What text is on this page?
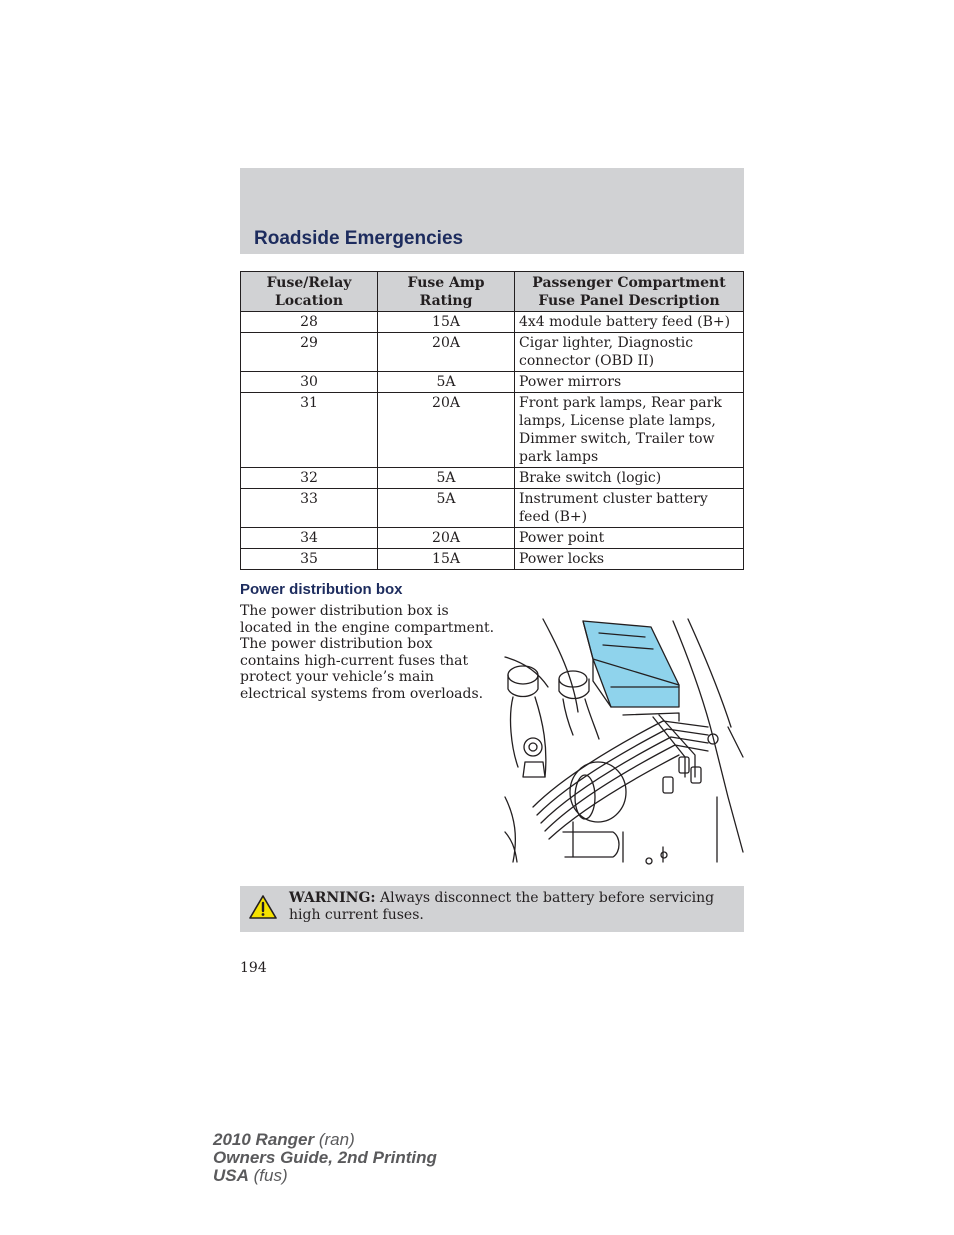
Roadside Emergencies
Fuse/Relay Location	Fuse Amp Rating	Passenger Compartment Fuse Panel Description
28	15A	4x4 module battery feed (B+)
29	20A	Cigar lighter, Diagnostic connector (OBD II)
30	5A	Power mirrors
31	20A	Front park lamps, Rear park lamps, License plate lamps, Dimmer switch, Trailer tow park lamps
32	5A	Brake switch (logic)
33	5A	Instrument cluster battery feed (B+)
34	20A	Power point
35	15A	Power locks
Power distribution box
The power distribution box is located in the engine compartment. The power distribution box contains high-current fuses that protect your vehicle’s main electrical systems from overloads.
WARNING: Always disconnect the battery before servicing high current fuses.
194
2010 Ranger (ran)
Owners Guide, 2nd Printing
USA (fus)
